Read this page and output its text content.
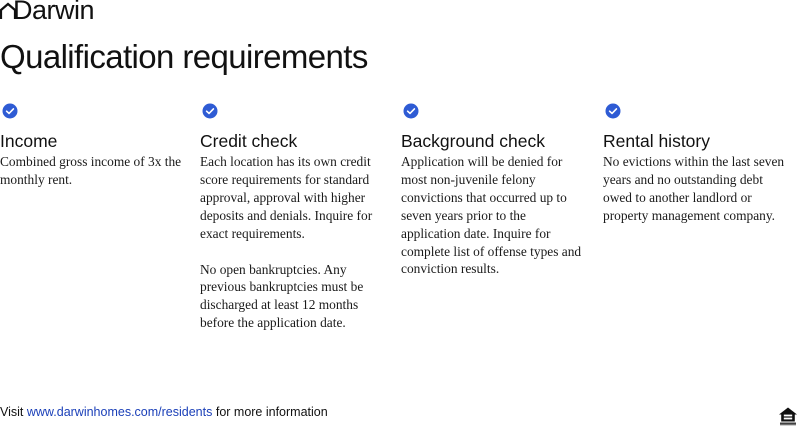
Darwin
Qualification requirements
Income

Combined gross income of 3x the monthly rent.

Credit check

Each location has its own credit score requirements for standard approval, approval with higher deposits and denials. Inquire for exact requirements.

No open bankruptcies. Any previous bankruptcies must be discharged at least 12 months before the application date.

Background check

Application will be denied for most non-juvenile felony convictions that occurred up to seven years prior to the application date. Inquire for complete list of offense types and conviction results.

Rental history

No evictions within the last seven years and no outstanding debt owed to another landlord or property management company.

Visit www.darwinhomes.com/residents for more information
